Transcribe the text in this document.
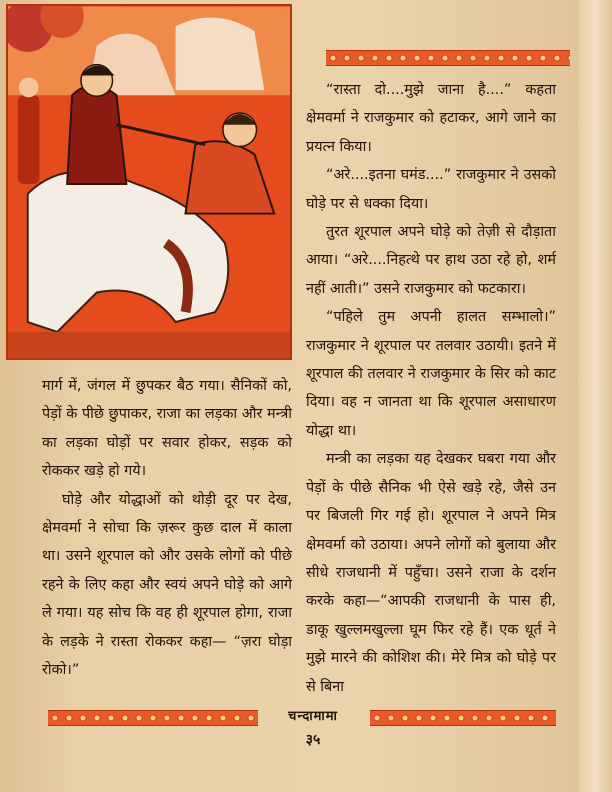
“रास्ता दो....मुझे जाना है....” कहता क्षेमवर्मा ने राजकुमार को हटाकर, आगे जाने का प्रयत्न किया।

“अरे....इतना घमंड....” राजकुमार ने उसको घोड़े पर से धक्का दिया।

तुरत शूरपाल अपने घोड़े को तेज़ी से दौड़ाता आया। “अरे....निहत्थे पर हाथ उठा रहे हो, शर्म नहीं आती।” उसने राजकुमार को फटकारा।

“पहिले तुम अपनी हालत सम्भालो।” राजकुमार ने शूरपाल पर तलवार उठायी। इतने में शूरपाल की तलवार ने राजकुमार के सिर को काट दिया। वह न जानता था कि शूरपाल असाधारण योद्धा था।

मन्त्री का लड़का यह देखकर घबरा गया और पेड़ों के पीछे सैनिक भी ऐसे खड़े रहे, जैसे उन पर बिजली गिर गई हो। शूरपाल ने अपने मित्र क्षेमवर्मा को उठाया। अपने लोगों को बुलाया और सीधे राजधानी में पहुँचा। उसने राजा के दर्शन करके कहा—“आपकी राजधानी के पास ही, डाकू खुल्लमखुल्ला घूम फिर रहे हैं। एक धूर्त ने मुझे मारने की कोशिश की। मेरे मित्र को घोड़े पर से बिना

मार्ग में, जंगल में छुपकर बैठ गया। सैनिकों को, पेड़ों के पीछे छुपाकर, राजा का लड़का और मन्त्री का लड़का घोड़ों पर सवार होकर, सड़क को रोककर खड़े हो गये।

घोड़े और योद्धाओं को थोड़ी दूर पर देख, क्षेमवर्मा ने सोचा कि ज़रूर कुछ दाल में काला था। उसने शूरपाल को और उसके लोगों को पीछे रहने के लिए कहा और स्वयं अपने घोड़े को आगे ले गया। यह सोच कि वह ही शूरपाल होगा, राजा के लड़के ने रास्ता रोककर कहा— “ज़रा घोड़ा रोको।”

चन्दामामा
३५
